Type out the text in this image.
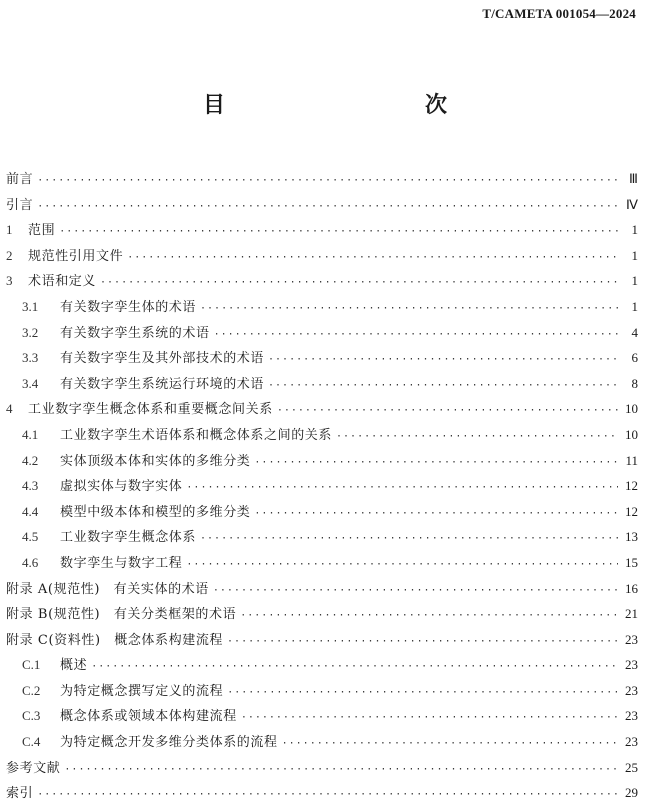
T/CAMETA 001054—2024
目　　次
前言 ·····	Ⅲ
引言 ·····	Ⅳ
1	范围 ·····	1
2	规范性引用文件 ·····	1
3	术语和定义 ·····	1
3.1	有关数字孪生体的术语 ·····	1
3.2	有关数字孪生系统的术语 ·····	4
3.3	有关数字孪生及其外部技术的术语 ·····	6
3.4	有关数字孪生系统运行环境的术语 ·····	8
4	工业数字孪生概念体系和重要概念间关系 ·····	10
4.1	工业数字孪生术语体系和概念体系之间的关系 ·····	10
4.2	实体顶级本体和实体的多维分类 ·····	11
4.3	虚拟实体与数字实体 ·····	12
4.4	模型中级本体和模型的多维分类 ·····	12
4.5	工业数字孪生概念体系 ·····	13
4.6	数字孪生与数字工程 ·····	15
附录 A(规范性)　有关实体的术语 ·····	16
附录 B(规范性)　有关分类框架的术语 ·····	21
附录 C(资料性)　概念体系构建流程 ·····	23
C.1	概述 ·····	23
C.2	为特定概念撰写定义的流程 ·····	23
C.3	概念体系或领域本体构建流程 ·····	23
C.4	为特定概念开发多维分类体系的流程 ·····	23
参考文献 ·····	25
索引 ·····	29
